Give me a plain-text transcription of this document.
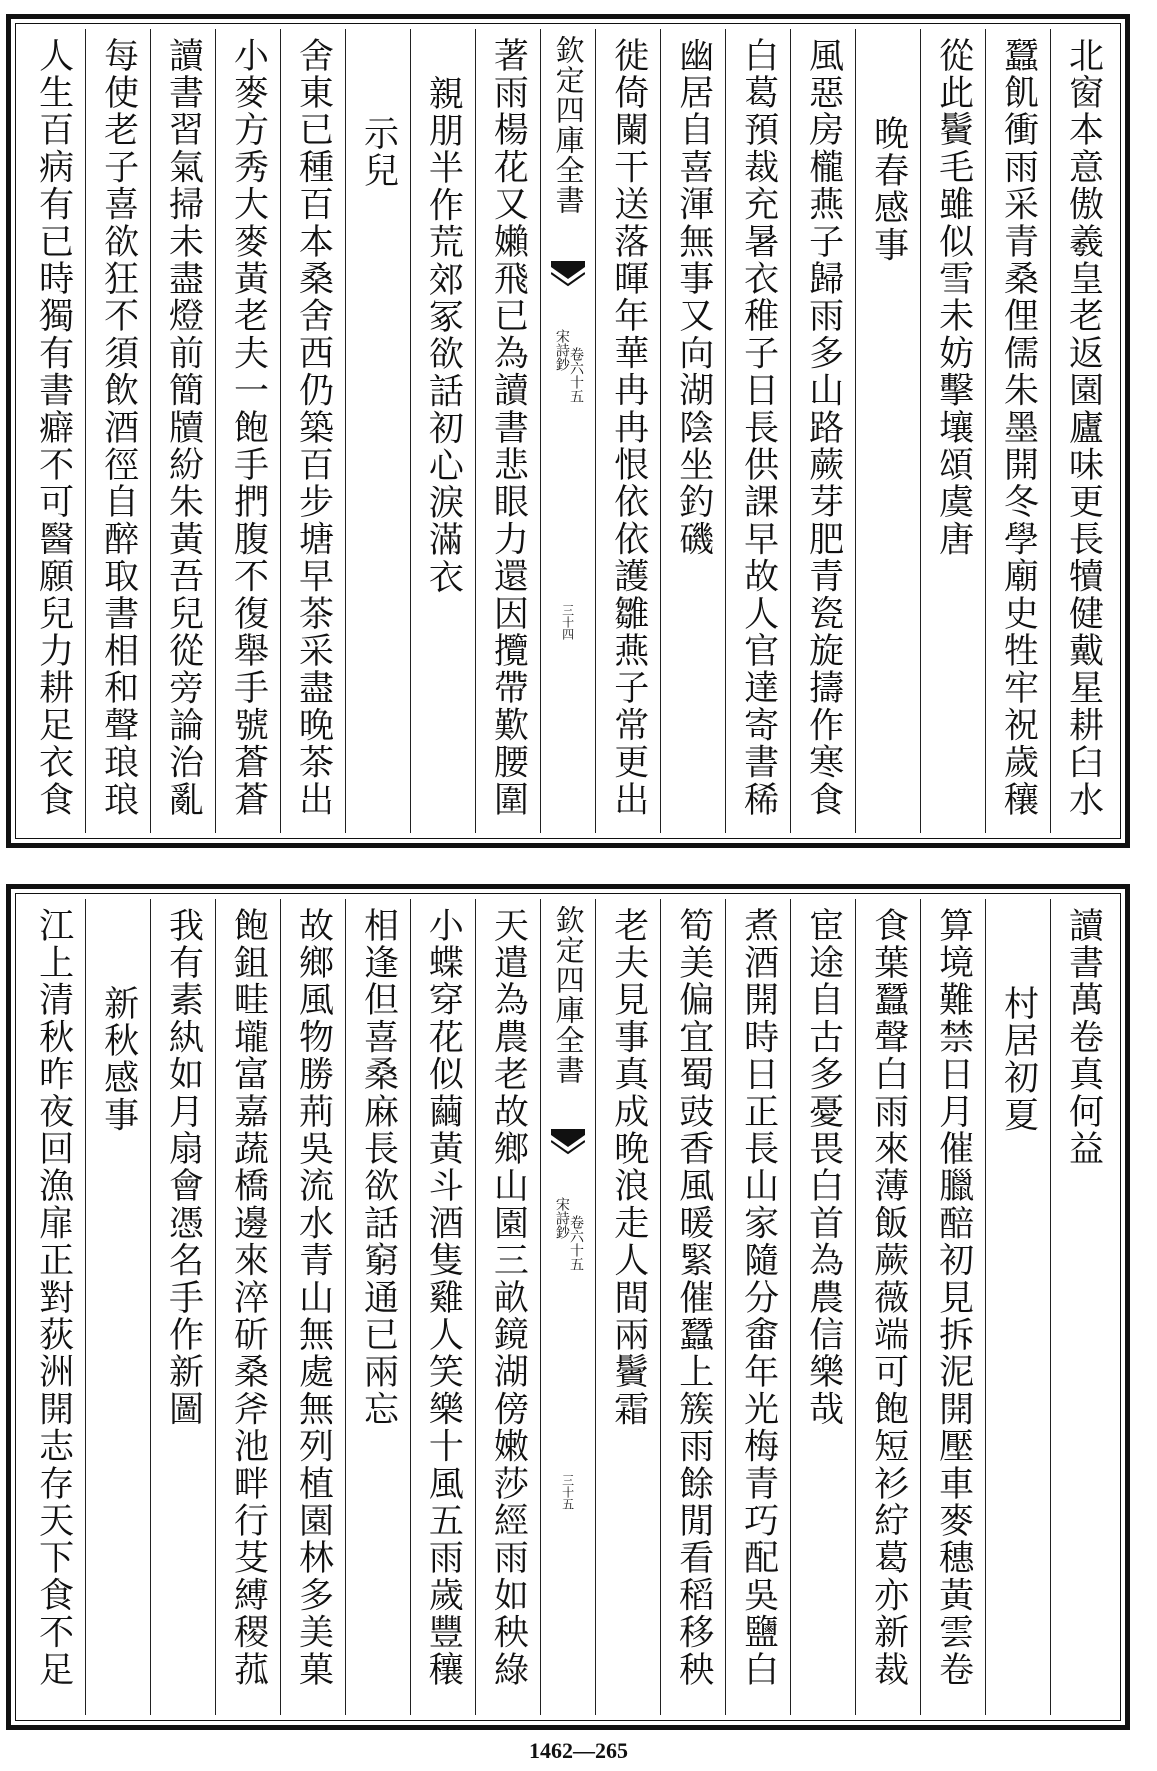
北窗本意傲羲皇老返園廬味更長犢健戴星耕臼水
蠶飢衝雨采青桑俚儒朱墨開冬學廟史牲牢祝歲穰
從此鬢毛雖似雪未妨擊壤頌虞唐
晚春感事
風惡房櫳燕子歸雨多山路蕨芽肥青瓷旋擣作寒食
白葛預裁充暑衣稚子日長供課早故人官達寄書稀
幽居自喜渾無事又向湖陰坐釣磯
徙倚闌干送落暉年華冉冉恨依依護雛燕子常更出
欽定四庫全書
宋詩鈔
卷六十五
三十四
著雨楊花又嬾飛已為讀書悲眼力還因攬帶歎腰圍
親朋半作荒郊冢欲話初心淚滿衣
示兒
舍東已種百本桑舍西仍築百步塘早茶采盡晚茶出
小麥方秀大麥黃老夫一飽手捫腹不復舉手號蒼蒼
讀書習氣掃未盡燈前簡牘紛朱黃吾兒從旁論治亂
每使老子喜欲狂不須飲酒徑自醉取書相和聲琅琅
人生百病有已時獨有書癖不可醫願兒力耕足衣食
讀書萬卷真何益
村居初夏
算境難禁日月催臘醅初見拆泥開壓車麥穗黃雲卷
食葉蠶聲白雨來薄飯蕨薇端可飽短衫紵葛亦新裁
宦途自古多憂畏白首為農信樂哉
煮酒開時日正長山家隨分畬年光梅青巧配吳鹽白
筍美偏宜蜀豉香風暖緊催蠶上簇雨餘閒看稻移秧
老夫見事真成晚浪走人間兩鬢霜
欽定四庫全書
宋詩鈔
卷六十五
三十五
天遣為農老故鄉山園三畝鏡湖傍嫩莎經雨如秧綠
小蝶穿花似繭黃斗酒隻雞人笑樂十風五雨歲豐穰
相逢但喜桑麻長欲話窮通已兩忘
故鄉風物勝荊吳流水青山無處無列植園林多美菓
飽鉏畦壠富嘉蔬橋邊來淬斫桑斧池畔行芟縛稷菰
我有素紈如月扇會憑名手作新圖
新秋感事
江上清秋昨夜回漁扉正對荻洲開志存天下食不足
1462—265
